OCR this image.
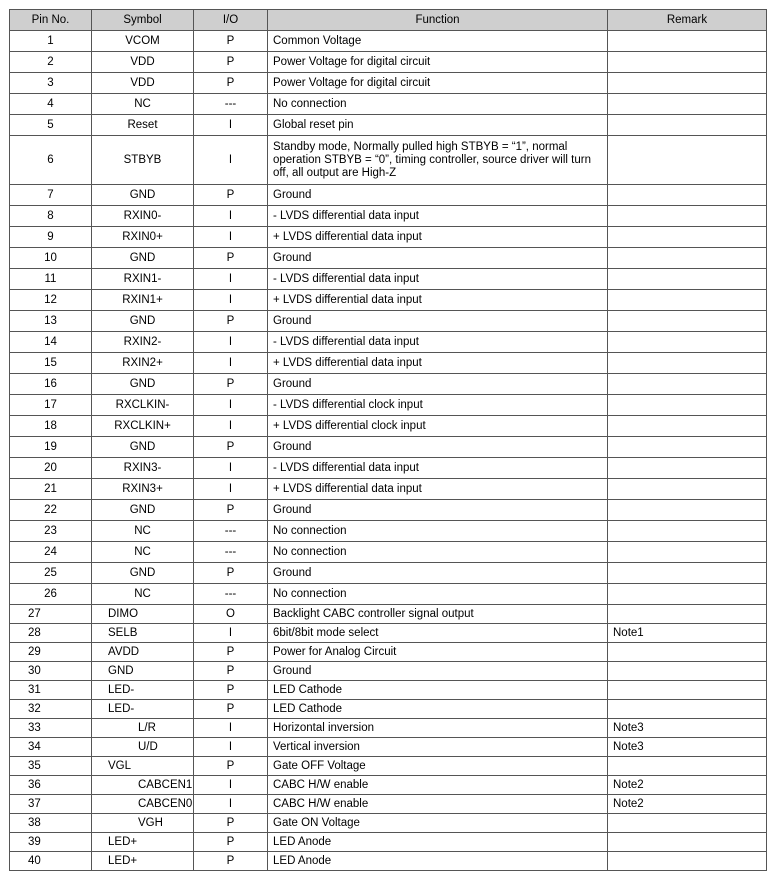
Pin No.	Symbol	I/O	Function	Remark
1	VCOM	P	Common Voltage	
2	VDD	P	Power Voltage for digital circuit	
3	VDD	P	Power Voltage for digital circuit	
4	NC	---	No connection	
5	Reset	I	Global reset pin	
6	STBYB	I	Standby mode, Normally pulled high STBYB = “1”, normal operation STBYB = “0”, timing controller, source driver will turn off, all output are High-Z	
7	GND	P	Ground	
8	RXIN0-	I	- LVDS differential data input	
9	RXIN0+	I	+ LVDS differential data input	
10	GND	P	Ground	
11	RXIN1-	I	- LVDS differential data input	
12	RXIN1+	I	+ LVDS differential data input	
13	GND	P	Ground	
14	RXIN2-	I	- LVDS differential data input	
15	RXIN2+	I	+ LVDS differential data input	
16	GND	P	Ground	
17	RXCLKIN-	I	- LVDS differential clock input	
18	RXCLKIN+	I	+ LVDS differential clock input	
19	GND	P	Ground	
20	RXIN3-	I	- LVDS differential data input	
21	RXIN3+	I	+ LVDS differential data input	
22	GND	P	Ground	
23	NC	---	No connection	
24	NC	---	No connection	
25	GND	P	Ground	
26	NC	---	No connection	
27	DIMO	O	Backlight CABC controller signal output	
28	SELB	I	6bit/8bit mode select	Note1
29	AVDD	P	Power for Analog Circuit	
30	GND	P	Ground	
31	LED-	P	LED Cathode	
32	LED-	P	LED Cathode	
33	L/R	I	Horizontal inversion	Note3
34	U/D	I	Vertical inversion	Note3
35	VGL	P	Gate OFF Voltage	
36	CABCEN1	I	CABC H/W enable	Note2
37	CABCEN0	I	CABC H/W enable	Note2
38	VGH	P	Gate ON Voltage	
39	LED+	P	LED Anode	
40	LED+	P	LED Anode	
